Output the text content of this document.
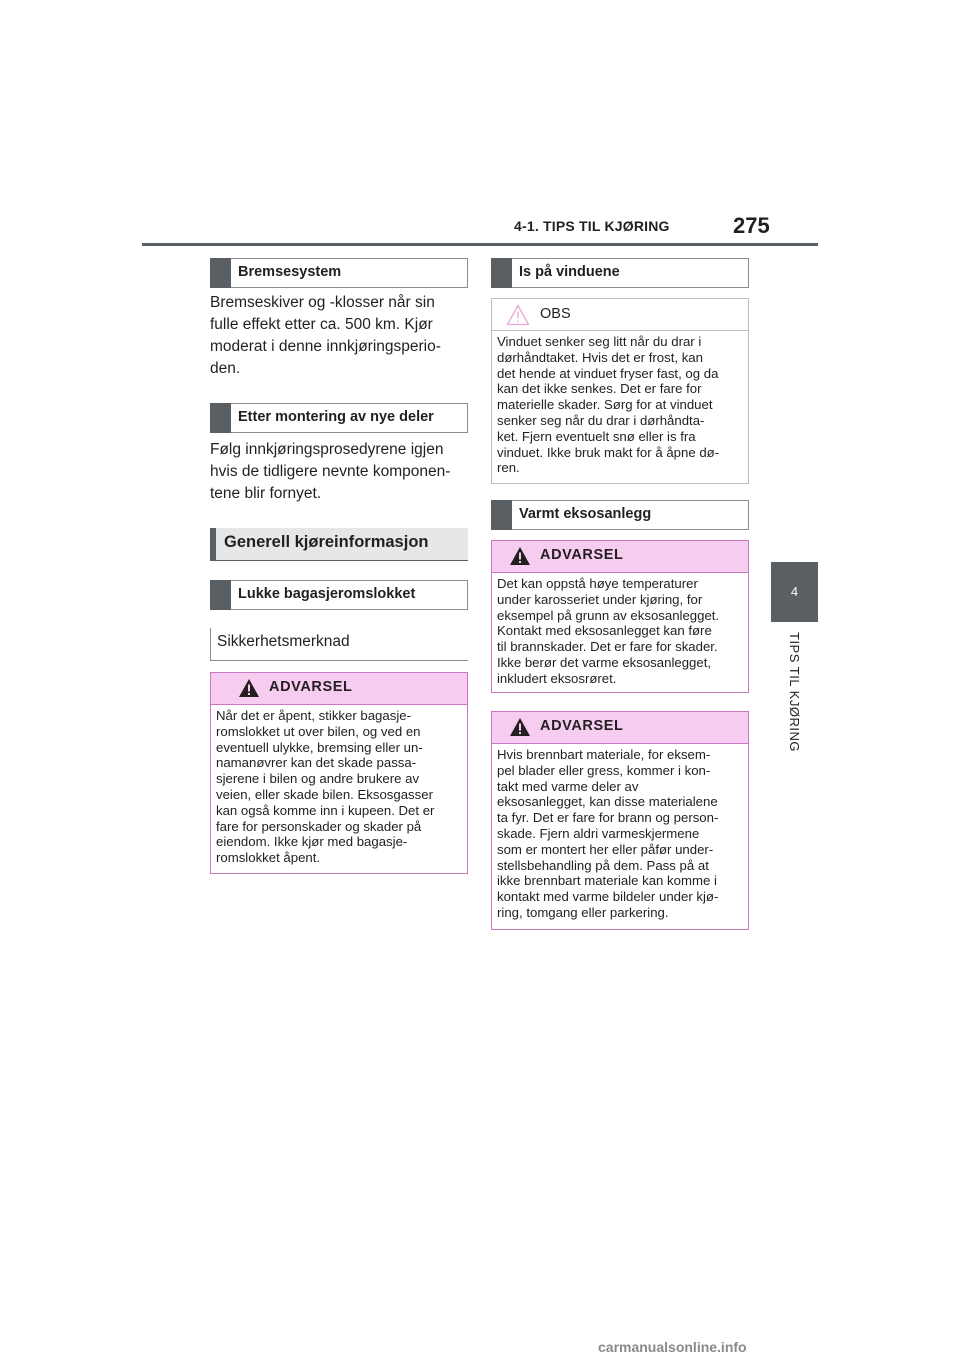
4-1. TIPS TIL KJØRING	275
4
TIPS TIL KJØRING
Bremsesystem

Bremseskiver og -klosser når sin

fulle effekt etter ca. 500 km. Kjør

moderat i denne innkjøringsperio-

den.

Etter montering av nye deler

Følg innkjøringsprosedyrene igjen

hvis de tidligere nevnte komponen-

tene blir fornyet.

Generell kjøreinformasjon
Lukke bagasjeromslokket
Sikkerhetsmerknad
ADVARSEL

Når det er åpent, stikker bagasje-

romslokket ut over bilen, og ved en

eventuell ulykke, bremsing eller un-

namanøvrer kan det skade passa-

sjerene i bilen og andre brukere av

veien, eller skade bilen. Eksosgasser

kan også komme inn i kupeen. Det er

fare for personskader og skader på

eiendom. Ikke kjør med bagasje-

romslokket åpent.

Is på vinduene
OBS

Vinduet senker seg litt når du drar i

dørhåndtaket. Hvis det er frost, kan

det hende at vinduet fryser fast, og da

kan det ikke senkes. Det er fare for

materielle skader. Sørg for at vinduet

senker seg når du drar i dørhåndta-

ket. Fjern eventuelt snø eller is fra

vinduet. Ikke bruk makt for å åpne dø-

ren.

Varmt eksosanlegg
ADVARSEL

Det kan oppstå høye temperaturer

under karosseriet under kjøring, for

eksempel på grunn av eksosanlegget.

Kontakt med eksosanlegget kan føre

til brannskader. Det er fare for skader.

Ikke berør det varme eksosanlegget,

inkludert eksosrøret.

ADVARSEL

Hvis brennbart materiale, for eksem-

pel blader eller gress, kommer i kon-

takt med varme deler av

eksosanlegget, kan disse materialene

ta fyr. Det er fare for brann og person-

skade. Fjern aldri varmeskjermene

som er montert her eller påfør under-

stellsbehandling på dem. Pass på at

ikke brennbart materiale kan komme i

kontakt med varme bildeler under kjø-

ring, tomgang eller parkering.

carmanualsonline.info
